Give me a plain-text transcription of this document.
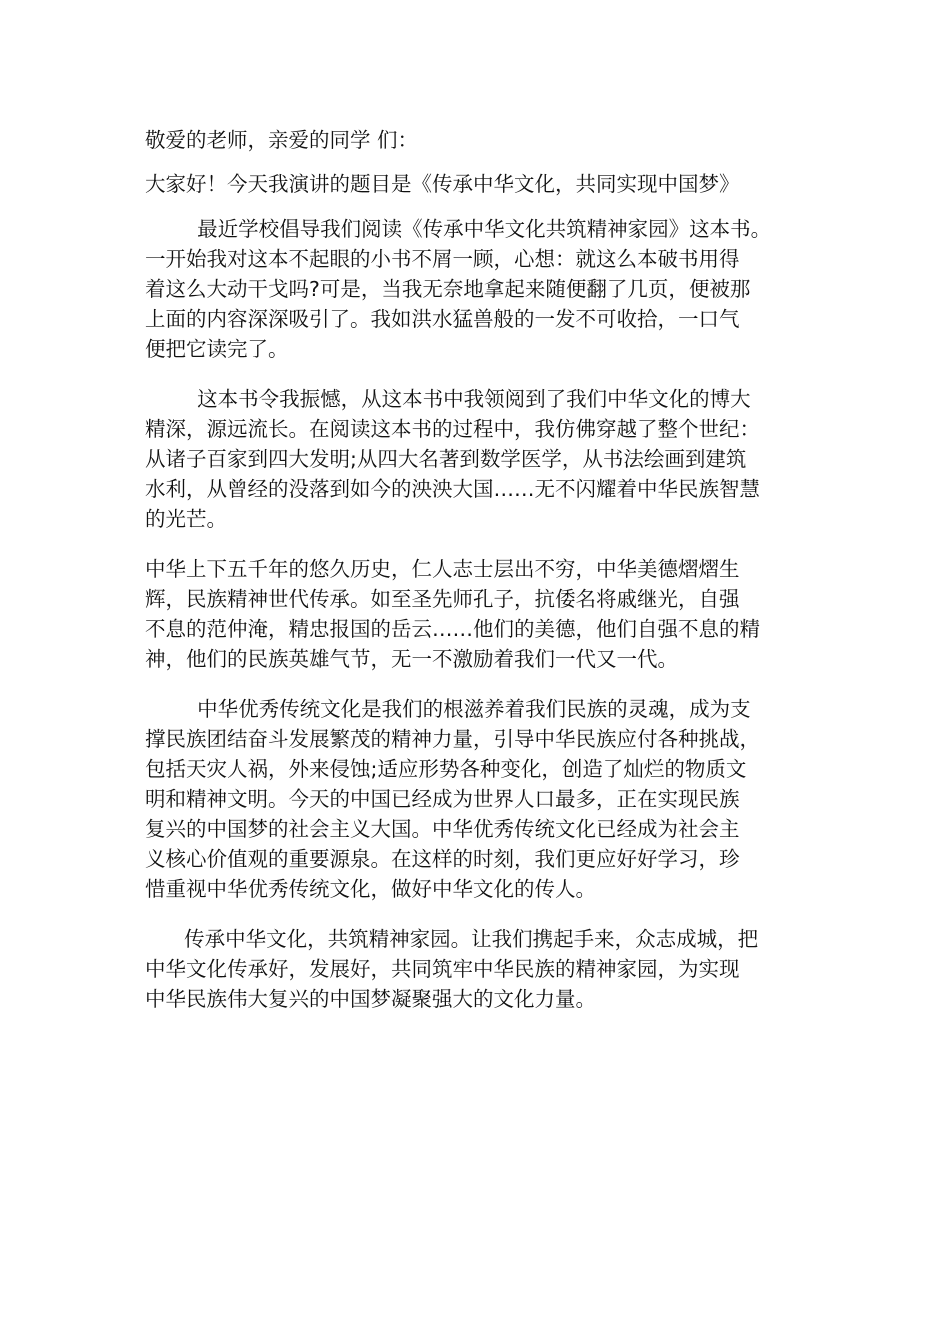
敬爱的老师，亲爱的同学 们：
大家好！今天我演讲的题目是《传承中华文化，共同实现中国梦》
最近学校倡导我们阅读《传承中华文化共筑精神家园》这本书。
一开始我对这本不起眼的小书不屑一顾，心想：就这么本破书用得
着这么大动干戈吗?可是，当我无奈地拿起来随便翻了几页，便被那
上面的内容深深吸引了。我如洪水猛兽般的一发不可收拾，一口气
便把它读完了。
这本书令我振憾，从这本书中我领阅到了我们中华文化的博大
精深，源远流长。在阅读这本书的过程中，我仿佛穿越了整个世纪：
从诸子百家到四大发明;从四大名著到数学医学，从书法绘画到建筑
水利，从曾经的没落到如今的泱泱大国……无不闪耀着中华民族智慧
的光芒。
中华上下五千年的悠久历史，仁人志士层出不穷，中华美德熠熠生
辉，民族精神世代传承。如至圣先师孔子，抗倭名将戚继光，自强
不息的范仲淹，精忠报国的岳云……他们的美德，他们自强不息的精
神，他们的民族英雄气节，无一不激励着我们一代又一代。
中华优秀传统文化是我们的根滋养着我们民族的灵魂，成为支
撑民族团结奋斗发展繁茂的精神力量，引导中华民族应付各种挑战，
包括天灾人祸，外来侵蚀;适应形势各种变化，创造了灿烂的物质文
明和精神文明。今天的中国已经成为世界人口最多，正在实现民族
复兴的中国梦的社会主义大国。中华优秀传统文化已经成为社会主
义核心价值观的重要源泉。在这样的时刻，我们更应好好学习，珍
惜重视中华优秀传统文化，做好中华文化的传人。
传承中华文化，共筑精神家园。让我们携起手来，众志成城，把
中华文化传承好，发展好，共同筑牢中华民族的精神家园，为实现
中华民族伟大复兴的中国梦凝聚强大的文化力量。
